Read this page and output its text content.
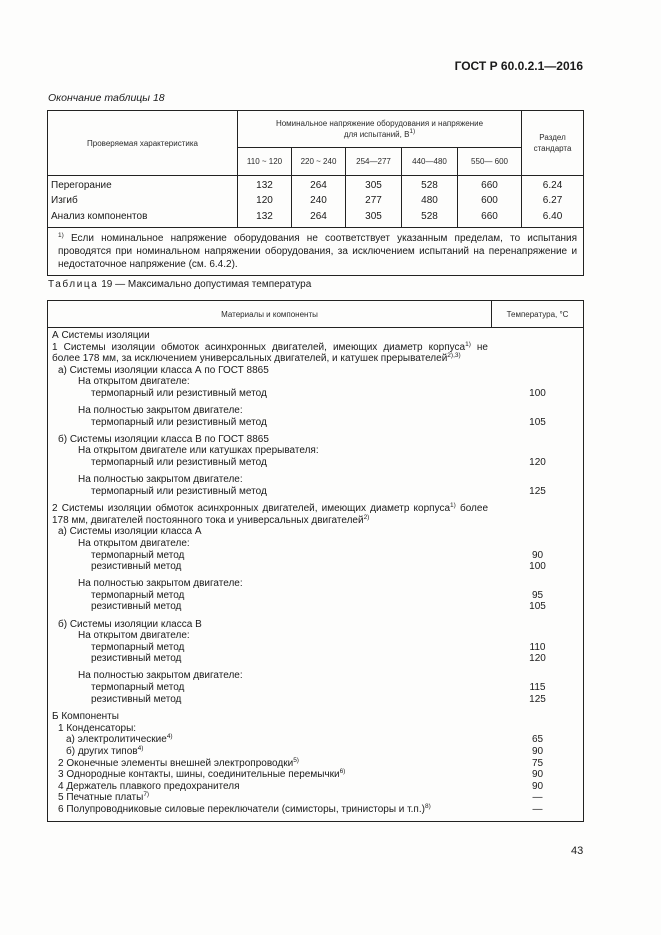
ГОСТ Р 60.0.2.1—2016
Окончание таблицы 18
Проверяемая характеристика	Номинальное напряжение оборудования и напряжение
для испытаний, $В^{1)}$					Раздел
стандарта
	110 ~ 120	220 ~ 240	254—277	440—480	550— 600	
Перегорание	132	264	305	528	660	6.24
Изгиб	120	240	277	480	600	6.27
Анализ компонентов	132	264	305	528	660	6.40
$^{1)}$ Если номинальное напряжение оборудования не соответствует указанным пределам, то испытания проводятся при номинальном напряжении оборудования, за исключением испытаний на перенапряжение и недостаточное напряжение (см. 6.4.2).						
Таблица 19 — Максимально допустимая температура
Материалы и компоненты	Температура, °С

А Системы изоляции
1 Системы изоляции обмоток асинхронных двигателей, имеющих диаметр корпуса$^{1)}$ не более 178 мм, за исключением универсальных двигателей, и катушек прерывателей$^{2),3)}$
а) Системы изоляции класса А по ГОСТ 8865
На открытом двигателе:
термопарный или резистивный метод	100
На полностью закрытом двигателе:
термопарный или резистивный метод	105
б) Системы изоляции класса В по ГОСТ 8865
На открытом двигателе или катушках прерывателя:
термопарный или резистивный метод	120
На полностью закрытом двигателе:
термопарный или резистивный метод	125
2 Системы изоляции обмоток асинхронных двигателей, имеющих диаметр корпуса$^{1)}$ более 178 мм, двигателей постоянного тока и универсальных двигателей$^{2)}$
а) Системы изоляции класса А
На открытом двигателе:
термопарный метод	90
резистивный метод	100
На полностью закрытом двигателе:
термопарный метод	95
резистивный метод	105
б) Системы изоляции класса В
На открытом двигателе:
термопарный метод	110
резистивный метод	120
На полностью закрытом двигателе:
термопарный метод	115
резистивный метод	125
Б Компоненты
1 Конденсаторы:
а) электролитические$^{4)}$	65
б) других типов$^{4)}$	90
2 Оконечные элементы внешней электропроводки$^{5)}$	75
3 Однородные контакты, шины, соединительные перемычки$^{6)}$	90
4 Держатель плавкого предохранителя	90
5 Печатные платы$^{7)}$	—
6 Полупроводниковые силовые переключатели (симисторы, тринисторы и т.п.)$^{8)}$	—
43
